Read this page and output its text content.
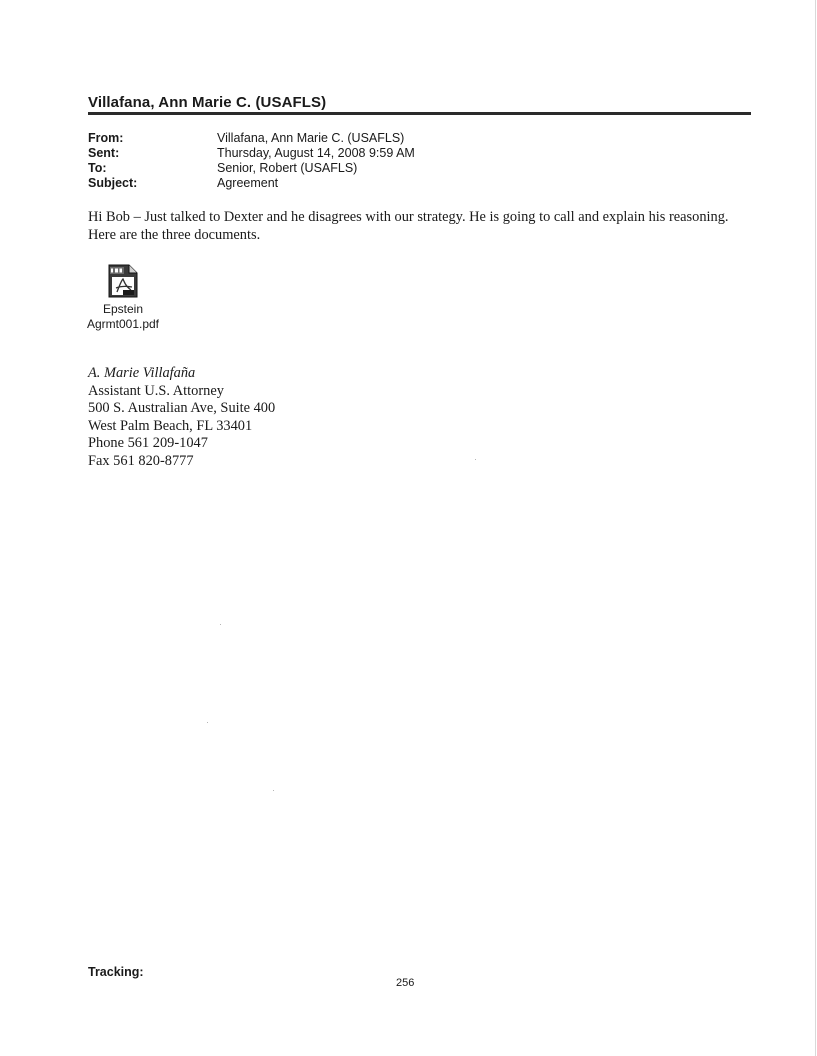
Villafana, Ann Marie C. (USAFLS)
From:	Villafana, Ann Marie C. (USAFLS)
Sent:	Thursday, August 14, 2008 9:59 AM
To:	Senior, Robert (USAFLS)
Subject:	Agreement
Hi Bob – Just talked to Dexter and he disagrees with our strategy. He is going to call and explain his reasoning. Here are the three documents.
Epstein
Agrmt001.pdf
A. Marie Villafaña
Assistant U.S. Attorney
500 S. Australian Ave, Suite 400
West Palm Beach, FL 33401
Phone 561 209-1047
Fax 561 820-8777
Tracking:
256
